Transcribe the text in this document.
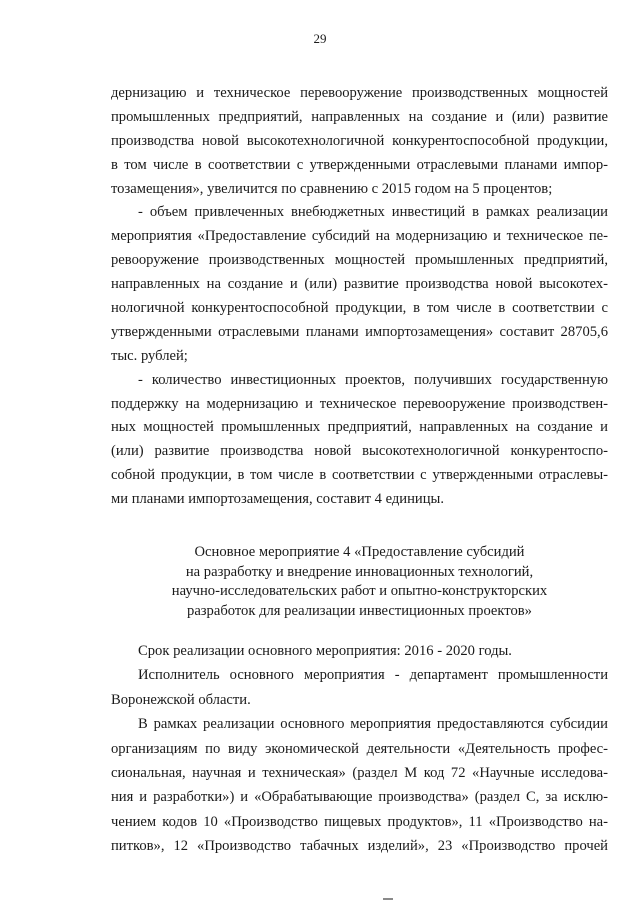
29
дернизацию и техническое перевооружение производственных мощностей
промышленных предприятий, направленных на создание и (или) развитие
производства новой высокотехнологичной конкурентоспособной продукции,
в том числе в соответствии с утвержденными отраслевыми планами импор-
тозамещения», увеличится по сравнению с 2015 годом на 5 процентов;
- объем привлеченных внебюджетных инвестиций в рамках реализации
мероприятия «Предоставление субсидий на модернизацию и техническое пе-
ревооружение производственных мощностей промышленных предприятий,
направленных на создание и (или) развитие производства новой высокотех-
нологичной конкурентоспособной продукции, в том числе в соответствии с
утвержденными отраслевыми планами импортозамещения» составит 28705,6
тыс. рублей;
- количество инвестиционных проектов, получивших государственную
поддержку на модернизацию и техническое перевооружение производствен-
ных мощностей промышленных предприятий, направленных на создание и
(или) развитие производства новой высокотехнологичной конкурентоспо-
собной продукции, в том числе в соответствии с утвержденными отраслевы-
ми планами импортозамещения, составит 4 единицы.
Основное мероприятие 4 «Предоставление субсидий
на разработку и внедрение инновационных технологий,
научно-исследовательских работ и опытно-конструкторских
разработок для реализации инвестиционных проектов»
Срок реализации основного мероприятия: 2016 - 2020 годы.
Исполнитель основного мероприятия - департамент промышленности
Воронежской области.
В рамках реализации основного мероприятия предоставляются субсидии
организациям по виду экономической деятельности «Деятельность профес-
сиональная, научная и техническая» (раздел M код 72 «Научные исследова-
ния и разработки») и «Обрабатывающие производства» (раздел C, за исклю-
чением кодов 10 «Производство пищевых продуктов», 11 «Производство на-
питков», 12 «Производство табачных изделий», 23 «Производство прочей
